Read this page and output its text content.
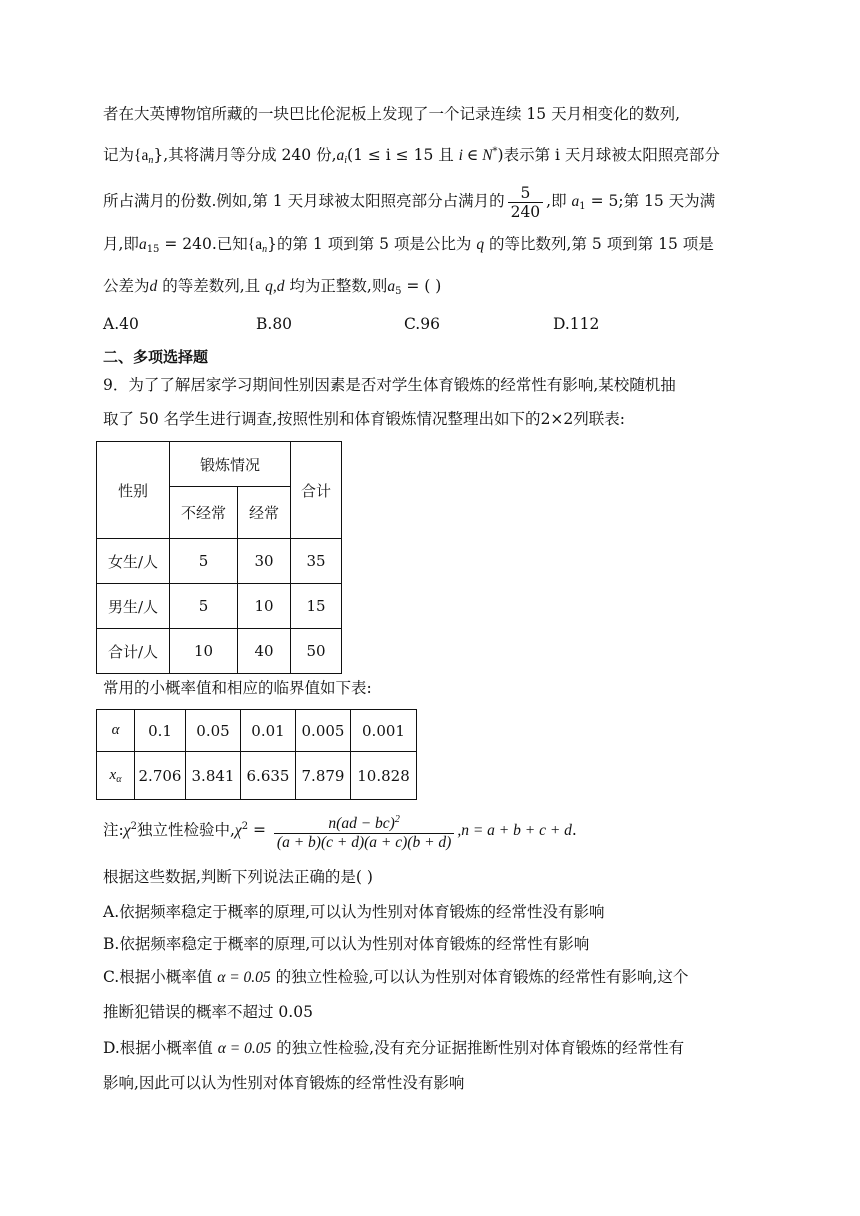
者在大英博物馆所藏的一块巴比伦泥板上发现了一个记录连续 15 天月相变化的数列,
记为$\{a_n\}$,其将满月等分成 240 份$,a_i(1 \le i \le 15$ 且 i ∈ N*)表示第 i 天月球被太阳照亮部分
所占满月的份数.例如,第 1 天月球被太阳照亮部分占满月的 $\frac{5}{240}$ ,即 $a_1 = 5$;第 15 天为满
月,即$a_{15} = 240$.已知$\{a_n\}$的第 1 项到第 5 项是公比为 q 的等比数列,第 5 项到第 15 项是
公差为d 的等差数列,且 q,d 均为正整数,则$a_5$ = ( )
A.40	B.80	C.96	D.112
二、多项选择题
9．为了了解居家学习期间性别因素是否对学生体育锻炼的经常性有影响,某校随机抽
取了 50 名学生进行调查,按照性别和体育锻炼情况整理出如下的2×2列联表:
性别	锻炼情况		合计
	不经常	经常	
女生/人	5	30	35
男生/人	5	10	15
合计/人	10	40	50
常用的小概率值和相应的临界值如下表:
α	0.1	0.05	0.01	0.005	0.001
$x_\alpha$	2.706	3.841	6.635	7.879	10.828
注$:\chi^2$独立性检验中$,\chi^2 = \frac{n(ad - bc)^2}{(a + b)(c + d)(a + c)(b + d)} ,n = a + b + c + d$.
根据这些数据,判断下列说法正确的是( )
A.依据频率稳定于概率的原理,可以认为性别对体育锻炼的经常性没有影响
B.依据频率稳定于概率的原理,可以认为性别对体育锻炼的经常性有影响
C.根据小概率值 α = 0.05 的独立性检验,可以认为性别对体育锻炼的经常性有影响,这个
推断犯错误的概率不超过 0.05
D.根据小概率值 α = 0.05 的独立性检验,没有充分证据推断性别对体育锻炼的经常性有
影响,因此可以认为性别对体育锻炼的经常性没有影响
